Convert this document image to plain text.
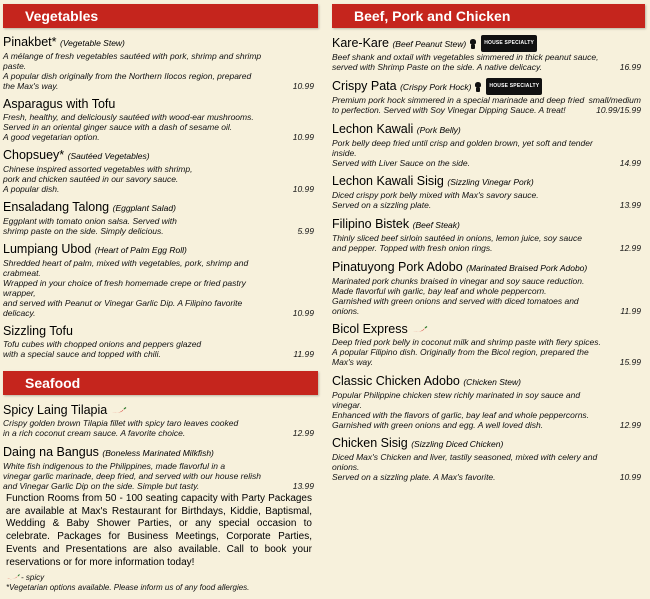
Vegetables
Pinakbet* (Vegetable Stew)
A mélange of fresh vegetables sautéed with pork, shrimp and shrimp paste.
A popular dish originally from the Northern Ilocos region, prepared
the Max's way.	10.99
Asparagus with Tofu
Fresh, healthy, and deliciously sautéed with wood-ear mushrooms.
Served in an oriental ginger sauce with a dash of sesame oil.
A good vegetarian option.	10.99
Chopsuey* (Sautéed Vegetables)
Chinese inspired assorted vegetables with shrimp,
pork and chicken sautéed in our savory sauce.
A popular dish.	10.99
Ensaladang Talong (Eggplant Salad)
Eggplant with tomato onion salsa. Served with
shrimp paste on the side. Simply delicious.	5.99
Lumpiang Ubod (Heart of Palm Egg Roll)
Shredded heart of palm, mixed with vegetables, pork, shrimp and crabmeat.
Wrapped in your choice of fresh homemade crepe or fried pastry wrapper,
and served with Peanut or Vinegar Garlic Dip. A Filipino favorite delicacy.	10.99
Sizzling Tofu
Tofu cubes with chopped onions and peppers glazed
with a special sauce and topped with chili.	11.99
Seafood
Spicy Laing Tilapia
Crispy golden brown Tilapia fillet with spicy taro leaves cooked
in a rich coconut cream sauce. A favorite choice.	12.99
Daing na Bangus (Boneless Marinated Milkfish)
White fish indigenous to the Philippines, made flavorful in a
vinegar garlic marinade, deep fried, and served with our house relish
and Vinegar Garlic Dip on the side. Simple but tasty.	13.99
Beef, Pork and Chicken
Kare-Kare (Beef Peanut Stew)	HOUSE SPECIALTY
Beef shank and oxtail with vegetables simmered in thick peanut sauce,
served with Shrimp Paste on the side. A native delicacy.	16.99
Crispy Pata (Crispy Pork Hock)	HOUSE SPECIALTY
Premium pork hock simmered in a special marinade and deep fried
to perfection. Served with Soy Vinegar Dipping Sauce. A treat!
small/medium
10.99/15.99
Lechon Kawali (Pork Belly)
Pork belly deep fried until crisp and golden brown, yet soft and tender inside.
Served with Liver Sauce on the side.	14.99
Lechon Kawali Sisig (Sizzling Vinegar Pork)
Diced crispy pork belly mixed with Max's savory sauce.
Served on a sizzling plate.	13.99
Filipino Bistek (Beef Steak)
Thinly sliced beef sirloin sautéed in onions, lemon juice, soy sauce
and pepper. Topped with fresh onion rings.	12.99
Pinatuyong Pork Adobo (Marinated Braised Pork Adobo)
Marinated pork chunks braised in vinegar and soy sauce reduction.
Made flavorful wih garlic, bay leaf and whole peppercorn.
Garnished with green onions and served with diced tomatoes and onions.	11.99
Bicol Express
Deep fried pork belly in coconut milk and shrimp paste with fiery spices.
A popular Filipino dish. Originally from the Bicol region, prepared the Max's way.	15.99
Classic Chicken Adobo (Chicken Stew)
Popular Philippine chicken stew richly marinated in soy sauce and vinegar.
Enhanced with the flavors of garlic, bay leaf and whole peppercorns.
Garnished with green onions and egg. A well loved dish.	12.99
Chicken Sisig (Sizzling Diced Chicken)
Diced Max's Chicken and liver, tastily seasoned, mixed with celery and onions.
Served on a sizzling plate. A Max's favorite.	10.99
Function Rooms from 50 - 100 seating capacity with Party Packages are available at Max's Restaurant for Birthdays, Kiddie, Baptismal, Wedding & Baby Shower Parties, or any special occasion to celebrate. Packages for Business Meetings, Corporate Parties, Events and Presentations are also available. Call to book your reservations or for more information today!
- spicy
*Vegetarian options available. Please inform us of any food allergies.
